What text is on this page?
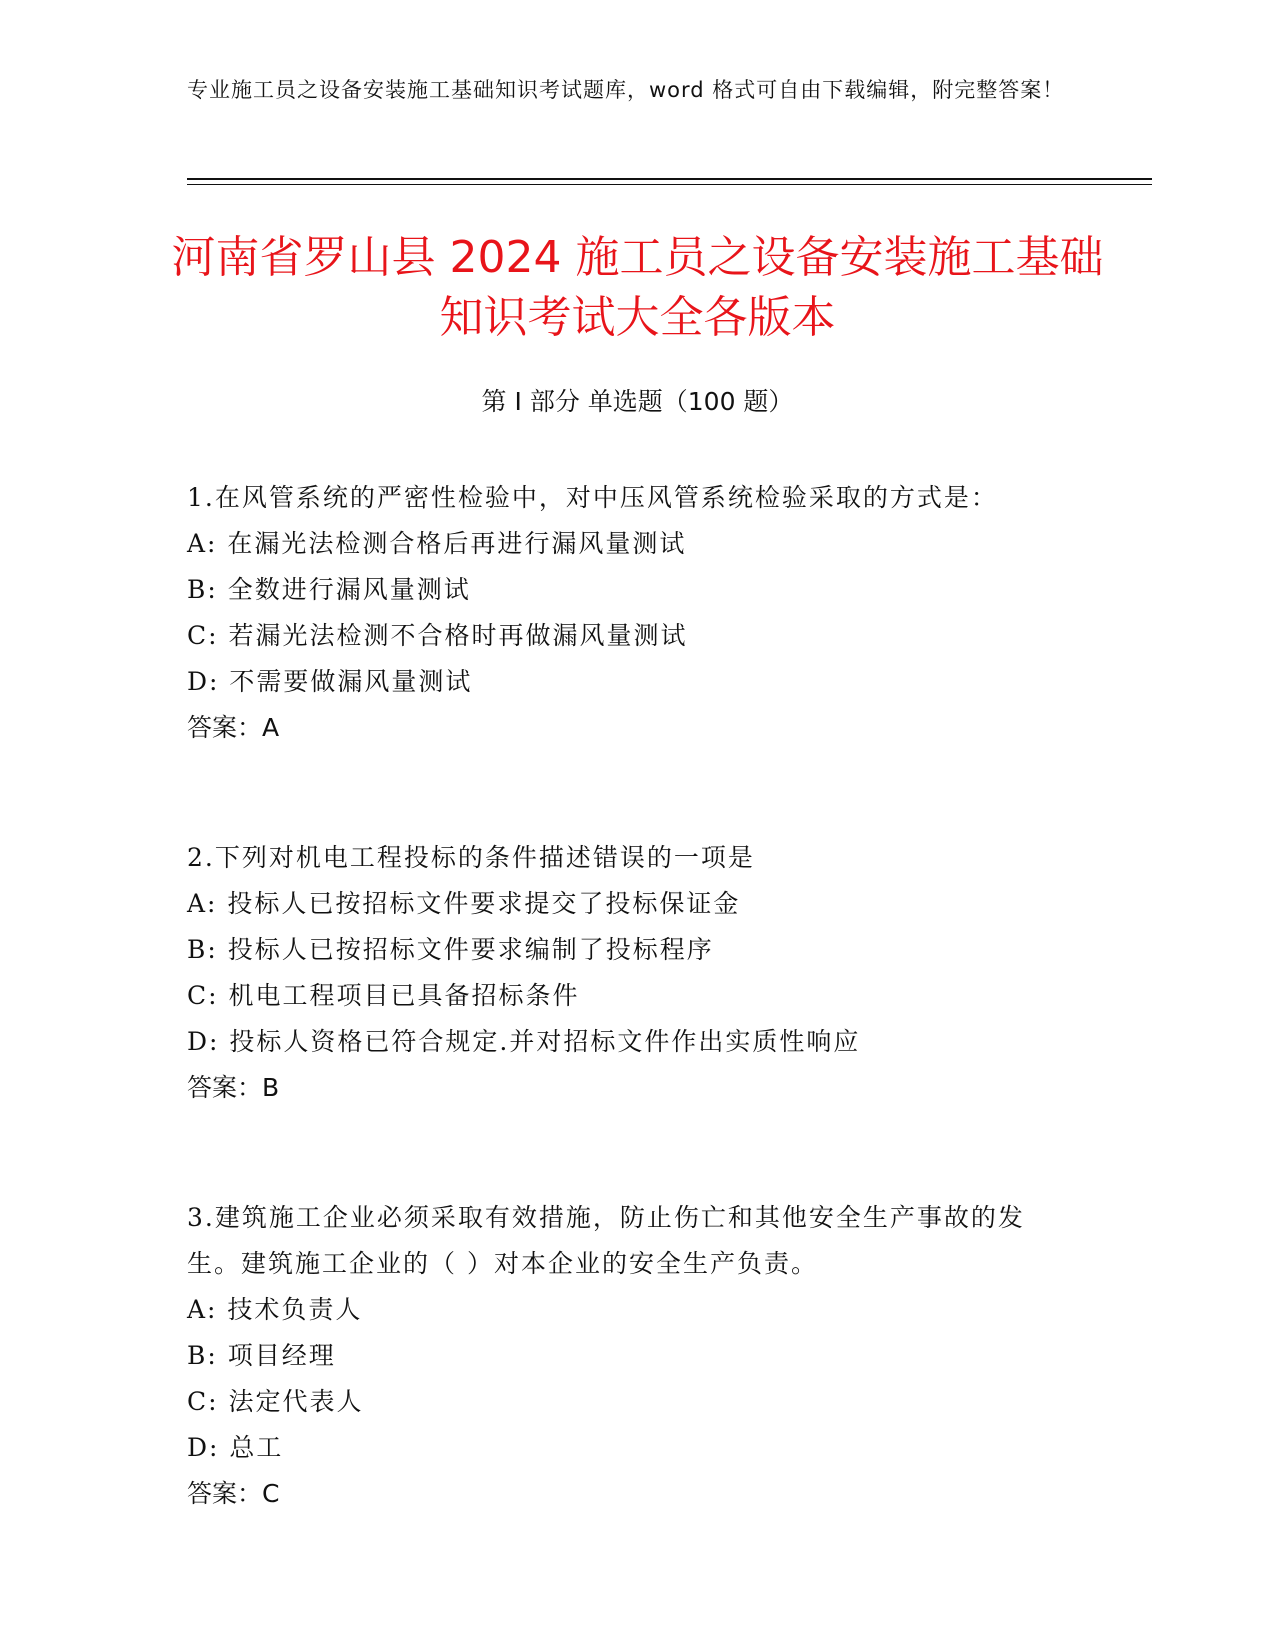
专业施工员之设备安装施工基础知识考试题库，word 格式可自由下载编辑，附完整答案！
河南省罗山县 2024 施工员之设备安装施工基础知识考试大全各版本
第 I 部分 单选题（100 题）
1.在风管系统的严密性检验中，对中压风管系统检验采取的方式是：
A: 在漏光法检测合格后再进行漏风量测试
B: 全数进行漏风量测试
C: 若漏光法检测不合格时再做漏风量测试
D: 不需要做漏风量测试
答案：A
2.下列对机电工程投标的条件描述错误的一项是
A: 投标人已按招标文件要求提交了投标保证金
B: 投标人已按招标文件要求编制了投标程序
C: 机电工程项目已具备招标条件
D: 投标人资格已符合规定.并对招标文件作出实质性响应
答案：B
3.建筑施工企业必须采取有效措施，防止伤亡和其他安全生产事故的发生。建筑施工企业的（ ）对本企业的安全生产负责。
A: 技术负责人
B: 项目经理
C: 法定代表人
D: 总工
答案：C
